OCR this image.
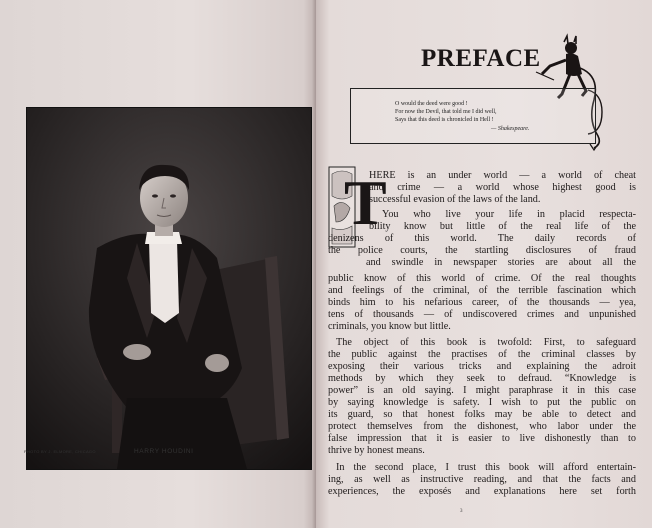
PHOTO BY J. ELMORE, CHICAGO	HARRY HOUDINI
PREFACE
O would the deed were good !
For now the Devil, that told me I did well,
Says that this deed is chronicled in Hell !
— Shakespeare.
T
HERE is an under world — a world of cheat
and crime — a world whose highest good is
successful evasion of the laws of the land.
You who live your life in placid respecta-
bility know but little of the real life of the
denizens of this world. The daily records of
the police courts, the startling disclosures of fraud
and swindle in newspaper stories are about all the
public know of this world of crime. Of the real thoughts
and feelings of the criminal, of the terrible fascination which
binds him to his nefarious career, of the thousands — yea,
tens of thousands — of undiscovered crimes and unpunished
criminals, you know but little.
The object of this book is twofold: First, to safeguard
the public against the practises of the criminal classes by
exposing their various tricks and explaining the adroit
methods by which they seek to defraud. “Knowledge is
power” is an old saying. I might paraphrase it in this case
by saying knowledge is safety. I wish to put the public on
its guard, so that honest folks may be able to detect and
protect themselves from the dishonest, who labor under the
false impression that it is easier to live dishonestly than to
thrive by honest means.
In the second place, I trust this book will afford entertain-
ing, as well as instructive reading, and that the facts and
experiences, the exposés and explanations here set forth
3
